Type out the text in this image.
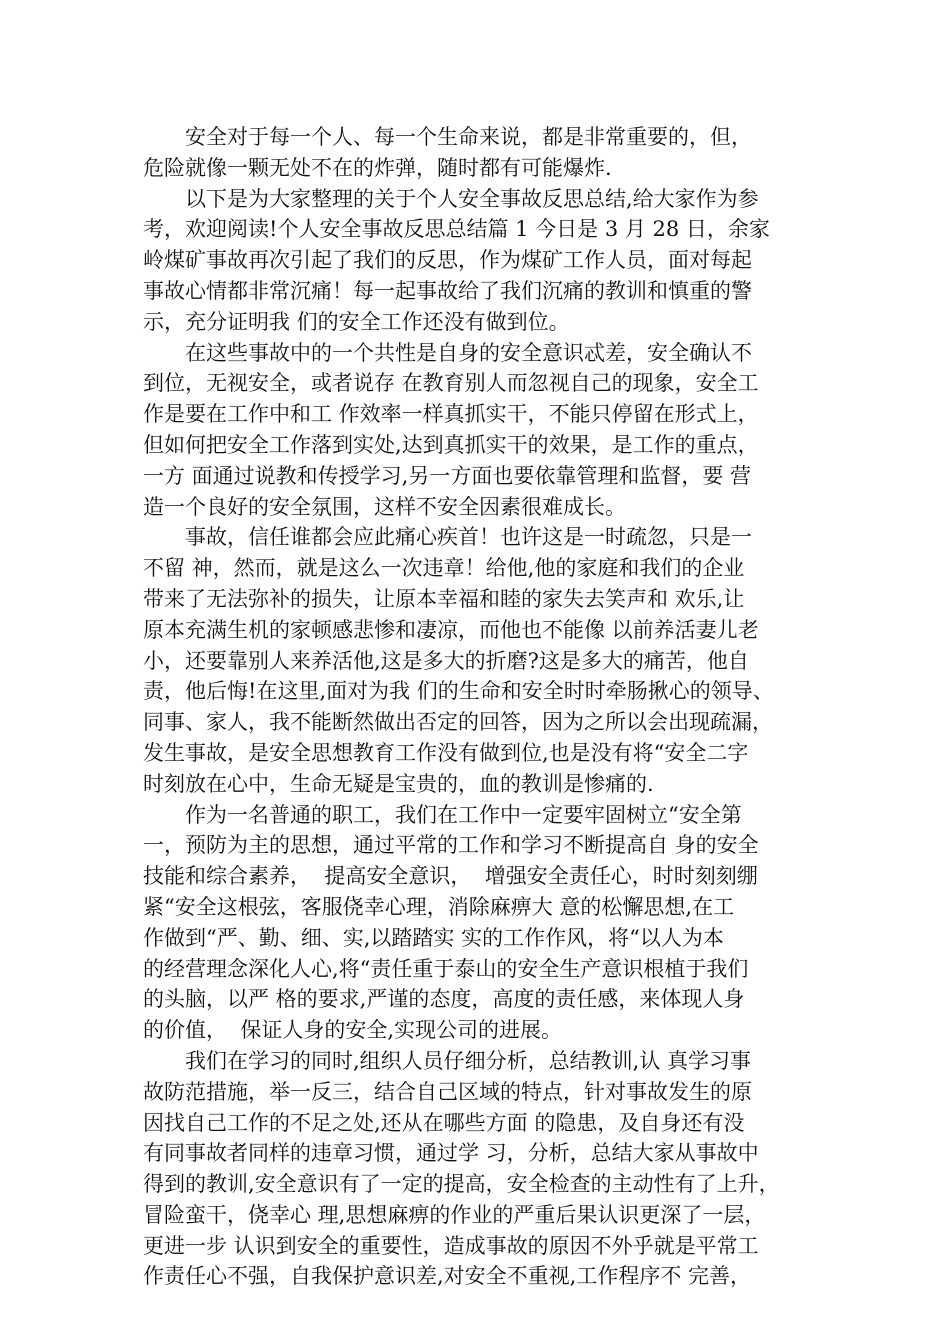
安全对于每一个人、每一个生命来说，都是非常重要的，但，
危险就像一颗无处不在的炸弹，随时都有可能爆炸.
以下是为大家整理的关于个人安全事故反思总结,给大家作为参
考，欢迎阅读!个人安全事故反思总结篇 1 今日是 3 月 28 日，余家
岭煤矿事故再次引起了我们的反思，作为煤矿工作人员，面对每起
事故心情都非常沉痛！每一起事故给了我们沉痛的教训和慎重的警
示，充分证明我 们的安全工作还没有做到位。
在这些事故中的一个共性是自身的安全意识忒差，安全确认不
到位，无视安全，或者说存 在教育别人而忽视自己的现象，安全工
作是要在工作中和工 作效率一样真抓实干，不能只停留在形式上，
但如何把安全工作落到实处,达到真抓实干的效果，是工作的重点，
一方 面通过说教和传授学习,另一方面也要依靠管理和监督，要 营
造一个良好的安全氛围，这样不安全因素很难成长。
事故，信任谁都会应此痛心疾首！也许这是一时疏忽，只是一
不留 神，然而，就是这么一次违章！给他,他的家庭和我们的企业
带来了无法弥补的损失，让原本幸福和睦的家失去笑声和 欢乐,让
原本充满生机的家顿感悲惨和凄凉，而他也不能像 以前养活妻儿老
小，还要靠别人来养活他,这是多大的折磨?这是多大的痛苦，他自
责，他后悔!在这里,面对为我 们的生命和安全时时牵肠揪心的领导、
同事、家人，我不能断然做出否定的回答，因为之所以会出现疏漏，
发生事故，是安全思想教育工作没有做到位,也是没有将“安全二字
时刻放在心中，生命无疑是宝贵的，血的教训是惨痛的.
作为一名普通的职工，我们在工作中一定要牢固树立“安全第
一，预防为主的思想，通过平常的工作和学习不断提高自 身的安全
技能和综合素养，  提高安全意识，  增强安全责任心，时时刻刻绷
紧“安全这根弦，客服侥幸心理，消除麻痹大 意的松懈思想,在工
作做到“严、勤、细、实,以踏踏实 实的工作作风，将“以人为本
的经营理念深化人心,将“责任重于泰山的安全生产意识根植于我们
的头脑，以严 格的要求,严谨的态度，高度的责任感，来体现人身
的价值，  保证人身的安全,实现公司的进展。
我们在学习的同时,组织人员仔细分析，总结教训,认 真学习事
故防范措施，举一反三，结合自己区域的特点，针对事故发生的原
因找自己工作的不足之处,还从在哪些方面 的隐患，及自身还有没
有同事故者同样的违章习惯，通过学 习，分析，总结大家从事故中
得到的教训,安全意识有了一定的提高，安全检查的主动性有了上升，
冒险蛮干，侥幸心 理,思想麻痹的作业的严重后果认识更深了一层，
更进一步 认识到安全的重要性，造成事故的原因不外乎就是平常工
作责任心不强，自我保护意识差,对安全不重视,工作程序不 完善，
